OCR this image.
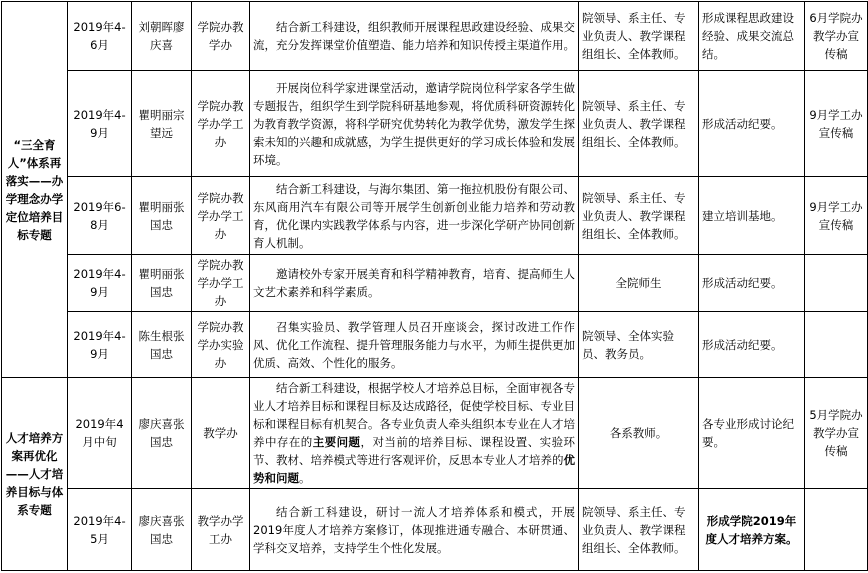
“三全育人”体系再落实——办学理念办学定位培养目标专题	2019年4-6月	刘朝晖廖庆喜	学院办教学办	结合新工科建设，组织教师开展课程思政建设经验、成果交流，充分发挥课堂价值塑造、能力培养和知识传授主渠道作用。	院领导、系主任、专业负责人、教学课程组组长、全体教师。	形成课程思政建设经验、成果交流总结。	6月学院办教学办宣传稿
	2019年4-9月	瞿明丽宗望远	学院办教学办学工办	开展岗位科学家进课堂活动，邀请学院岗位科学家各学生做专题报告，组织学生到学院科研基地参观，将优质科研资源转化为教育教学资源，将科学研究优势转化为教学优势，激发学生探索未知的兴趣和成就感，为学生提供更好的学习成长体验和发展环境。	院领导、系主任、专业负责人、教学课程组组长、全体教师。	形成活动纪要。	9月学工办宣传稿
	2019年6-8月	瞿明丽张国忠	学院办教学办学工办	结合新工科建设，与海尔集团、第一拖拉机股份有限公司、东风商用汽车有限公司等开展学生创新创业能力培养和劳动教育，优化课内实践教学体系与内容，进一步深化学研产协同创新育人机制。	院领导、系主任、专业负责人、教学课程组组长、全体教师。	建立培训基地。	9月学工办宣传稿
	2019年4-9月	瞿明丽张国忠	学院办教学办学工办	邀请校外专家开展美育和科学精神教育，培育、提高师生人文艺术素养和科学素质。	全院师生	形成活动纪要。	
	2019年4-9月	陈生根张国忠	学院办教学办实验办	召集实验员、教学管理人员召开座谈会，探讨改进工作作风、优化工作流程、提升管理服务能力与水平，为师生提供更加优质、高效、个性化的服务。	院领导、全体实验员、教务员。	形成活动纪要。	
人才培养方案再优化——人才培养目标与体系专题	2019年4月中旬	廖庆喜张国忠	教学办	结合新工科建设，根据学校人才培养总目标，全面审视各专业人才培养目标和课程目标及达成路径，促使学校目标、专业目标和课程目标有机契合。各专业负责人牵头组织本专业在人才培养中存在的主要问题，对当前的培养目标、课程设置、实验环节、教材、培养模式等进行客观评价，反思本专业人才培养的优势和问题。	各系教师。	各专业形成讨论纪要。	5月学院办教学办宣传稿
	2019年4-5月	廖庆喜张国忠	教学办学工办	结合新工科建设，研讨一流人才培养体系和模式，开展2019年度人才培养方案修订，体现推进通专融合、本研贯通、学科交叉培养，支持学生个性化发展。	院领导、系主任、专业负责人、教学课程组组长、全体教师。	形成学院2019年度人才培养方案。	
